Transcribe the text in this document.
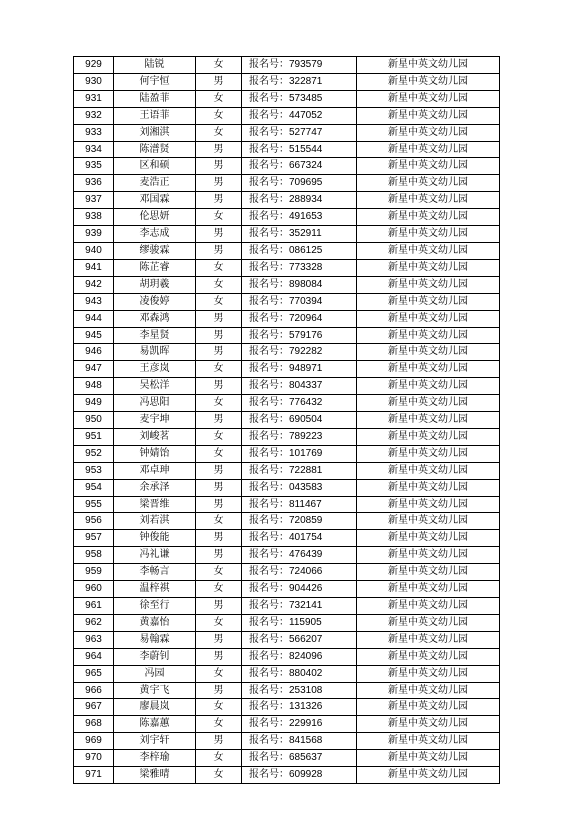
929	陆锐	女	报名号：793579	新星中英文幼儿园
930	何宇恒	男	报名号：322871	新星中英文幼儿园
931	陆盈菲	女	报名号：573485	新星中英文幼儿园
932	王语菲	女	报名号：447052	新星中英文幼儿园
933	刘湘淇	女	报名号：527747	新星中英文幼儿园
934	陈潽贤	男	报名号：515544	新星中英文幼儿园
935	区和硕	男	报名号：667324	新星中英文幼儿园
936	麦浩正	男	报名号：709695	新星中英文幼儿园
937	邓国霖	男	报名号：288934	新星中英文幼儿园
938	伦思妍	女	报名号：491653	新星中英文幼儿园
939	李志成	男	报名号：352911	新星中英文幼儿园
940	缪骏霖	男	报名号：086125	新星中英文幼儿园
941	陈芷睿	女	报名号：773328	新星中英文幼儿园
942	胡玥羲	女	报名号：898084	新星中英文幼儿园
943	凌俊婷	女	报名号：770394	新星中英文幼儿园
944	邓森鸿	男	报名号：720964	新星中英文幼儿园
945	李星贤	男	报名号：579176	新星中英文幼儿园
946	易凯晖	男	报名号：792282	新星中英文幼儿园
947	王彦岚	女	报名号：948971	新星中英文幼儿园
948	吴松洋	男	报名号：804337	新星中英文幼儿园
949	冯思阳	女	报名号：776432	新星中英文幼儿园
950	麦宇坤	男	报名号：690504	新星中英文幼儿园
951	刘峻茗	女	报名号：789223	新星中英文幼儿园
952	钟婧饴	女	报名号：101769	新星中英文幼儿园
953	邓卓珅	男	报名号：722881	新星中英文幼儿园
954	余承泽	男	报名号：043583	新星中英文幼儿园
955	梁晋维	男	报名号：811467	新星中英文幼儿园
956	刘若淇	女	报名号：720859	新星中英文幼儿园
957	钟俊能	男	报名号：401754	新星中英文幼儿园
958	冯礼谦	男	报名号：476439	新星中英文幼儿园
959	李畅言	女	报名号：724066	新星中英文幼儿园
960	温梓祺	女	报名号：904426	新星中英文幼儿园
961	徐至行	男	报名号：732141	新星中英文幼儿园
962	黄嘉怡	女	报名号：115905	新星中英文幼儿园
963	易翰霖	男	报名号：566207	新星中英文幼儿园
964	李蔚钊	男	报名号：824096	新星中英文幼儿园
965	冯园	女	报名号：880402	新星中英文幼儿园
966	黄宇飞	男	报名号：253108	新星中英文幼儿园
967	廖晨岚	女	报名号：131326	新星中英文幼儿园
968	陈嘉蕙	女	报名号：229916	新星中英文幼儿园
969	刘宇轩	男	报名号：841568	新星中英文幼儿园
970	李梓瑜	女	报名号：685637	新星中英文幼儿园
971	梁雅晴	女	报名号：609928	新星中英文幼儿园
